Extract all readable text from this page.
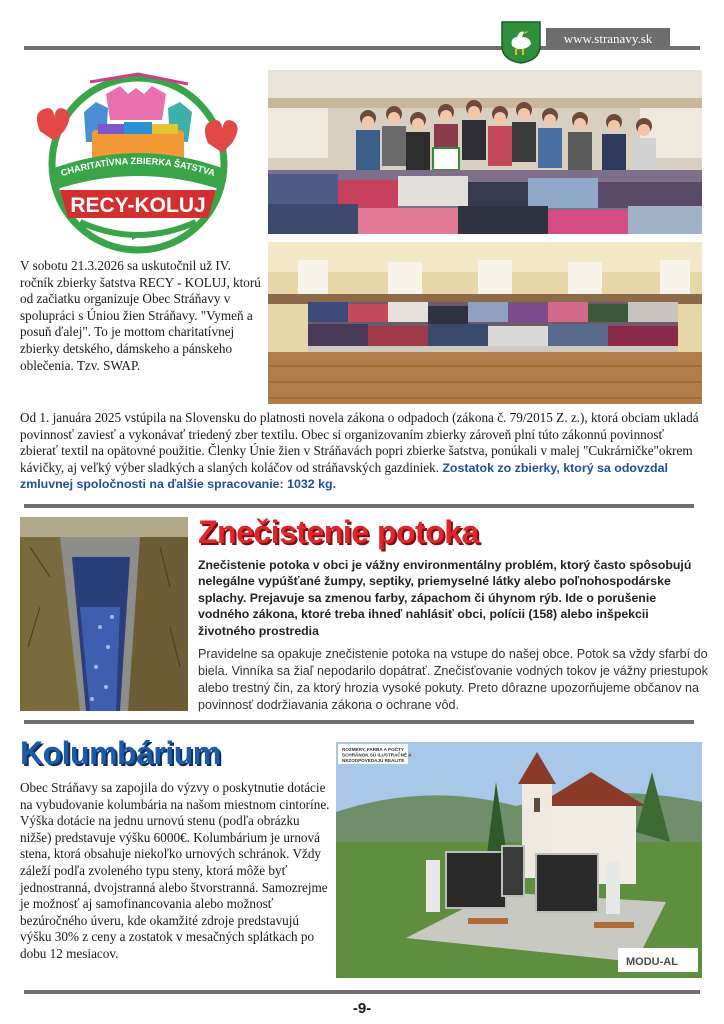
www.stranavy.sk
CHARITATÍVNA ZBIERKA ŠATSTVA
RECY-KOLUJ

V sobotu 21.3.2026 sa uskutočnil už IV. ročník zbierky šatstva RECY - KOLUJ, ktorú od začiatku organizuje Obec Stráňavy v spolupráci s Úniou žien Stráňavy. "Vymeň a posuň ďalej". To je mottom charitatívnej zbierky detského, dámskeho a pánskeho oblečenia. Tzv. SWAP.

Od 1. januára 2025 vstúpila na Slovensku do platnosti novela zákona o odpadoch (zákona č. 79/2015 Z. z.), ktorá obciam ukladá povinnosť zaviesť a vykonávať triedený zber textilu. Obec si organizovaním zbierky zároveň plní túto zákonnú povinnosť zbierať textil na opätovné použitie. Členky Únie žien v Stráňavách popri zbierke šatstva, ponúkali v malej "Cukrárničke"okrem kávičky, aj veľký výber sladkých a slaných koláčov od stráňavských gazdiniek. Zostatok zo zbierky, ktorý sa odovzdal zmluvnej spoločnosti na ďalšie spracovanie: 1032 kg.

Znečistenie potoka
Znečistenie potoka v obci je vážny environmentálny problém, ktorý často spôsobujú nelegálne vypúšťané žumpy, septiky, priemyselné látky alebo poľnohospodárske splachy. Prejavuje sa zmenou farby, zápachom či úhynom rýb. Ide o porušenie vodného zákona, ktoré treba ihneď nahlásiť obci, polícii (158) alebo inšpekcii životného prostredia
Pravidelne sa opakuje znečistenie potoka na vstupe do našej obce. Potok sa vždy sfarbí do biela. Vinníka sa žiaľ nepodarilo dopátrať. Znečisťovanie vodných tokov je vážny priestupok alebo trestný čin, za ktorý hrozia vysoké pokuty. Preto dôrazne upozorňujeme občanov na povinnosť dodržiavania zákona o ochrane vôd.
Kolumbárium

Obec Stráňavy sa zapojila do výzvy o poskytnutie dotácie na vybudovanie kolumbária na našom miestnom cintoríne. Výška dotácie na jednu urnovú stenu (podľa obrázku nižše) predstavuje výšku 6000€. Kolumbárium je urnová stena, ktorá obsahuje niekoľko urnových schránok. Vždy záleží podľa zvoleného typu steny, ktorá môže byť jednostranná, dvojstranná alebo štvorstranná. Samozrejme je možnosť aj samofinancovania alebo možnosť bezúročného úveru, kde okamžité zdroje predstavujú výšku 30% z ceny a zostatok v mesačných splátkach po dobu 12 mesiacov.

ROZMERY, FARBA A POČTY SCHRÁNOK SÚ ILUSTRAČNÉ A NEZODPOVEDAJÚ REALITE
MODU-AL
-9-
